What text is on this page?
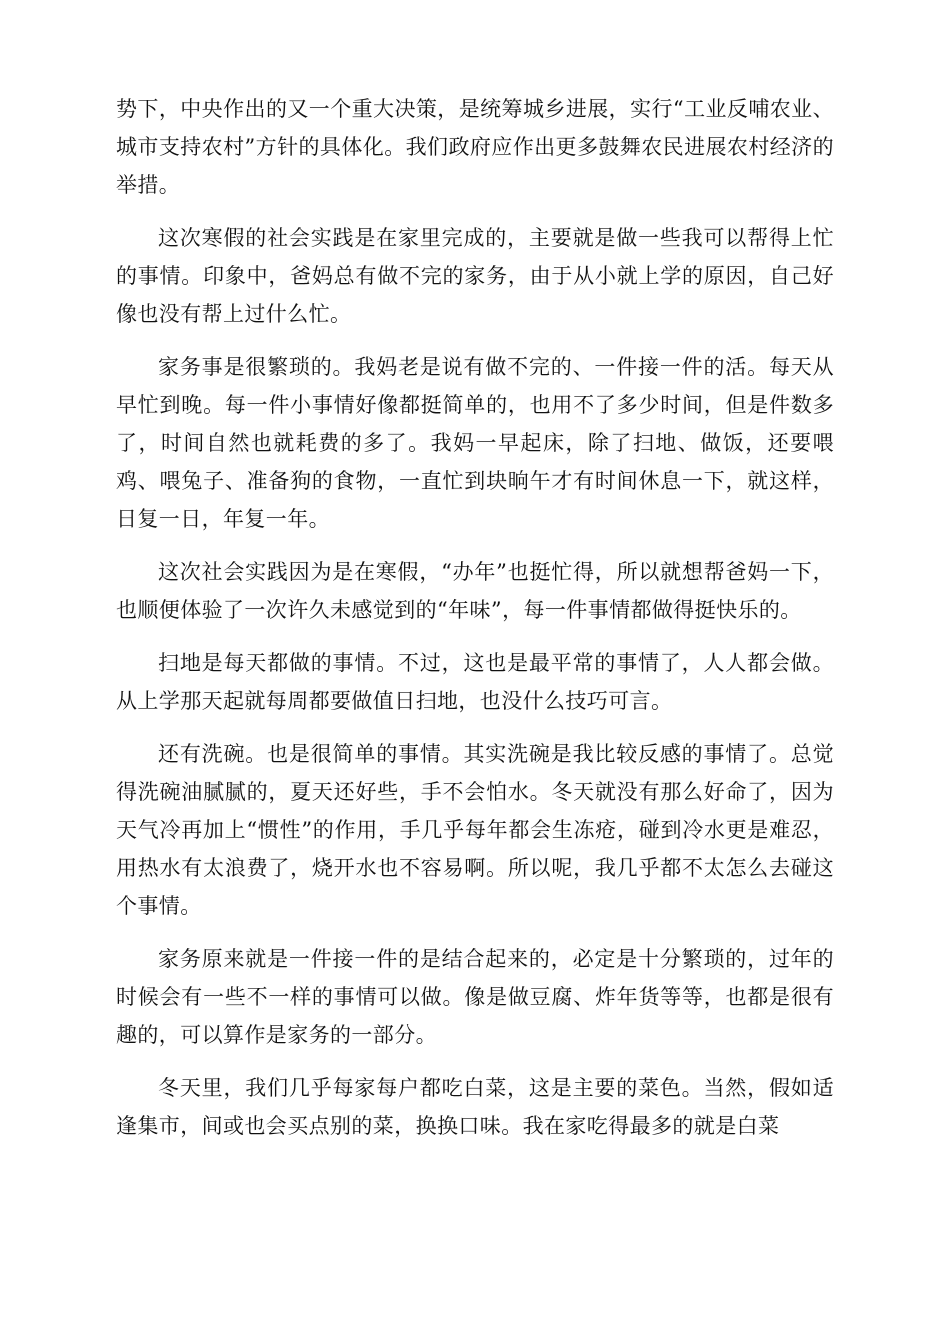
势下，中央作出的又一个重大决策，是统筹城乡进展，实行“工业反哺农业、城市支持农村”方针的具体化。我们政府应作出更多鼓舞农民进展农村经济的举措。

这次寒假的社会实践是在家里完成的，主要就是做一些我可以帮得上忙的事情。印象中，爸妈总有做不完的家务，由于从小就上学的原因，自己好像也没有帮上过什么忙。

家务事是很繁琐的。我妈老是说有做不完的、一件接一件的活。每天从早忙到晚。每一件小事情好像都挺简单的，也用不了多少时间，但是件数多了，时间自然也就耗费的多了。我妈一早起床，除了扫地、做饭，还要喂鸡、喂兔子、准备狗的食物，一直忙到块晌午才有时间休息一下，就这样，日复一日，年复一年。

这次社会实践因为是在寒假，“办年”也挺忙得，所以就想帮爸妈一下，也顺便体验了一次许久未感觉到的“年味”，每一件事情都做得挺快乐的。

扫地是每天都做的事情。不过，这也是最平常的事情了，人人都会做。从上学那天起就每周都要做值日扫地，也没什么技巧可言。

还有洗碗。也是很简单的事情。其实洗碗是我比较反感的事情了。总觉得洗碗油腻腻的，夏天还好些，手不会怕水。冬天就没有那么好命了，因为天气冷再加上“惯性”的作用，手几乎每年都会生冻疮，碰到冷水更是难忍，用热水有太浪费了，烧开水也不容易啊。所以呢，我几乎都不太怎么去碰这个事情。

家务原来就是一件接一件的是结合起来的，必定是十分繁琐的，过年的时候会有一些不一样的事情可以做。像是做豆腐、炸年货等等，也都是很有趣的，可以算作是家务的一部分。

冬天里，我们几乎每家每户都吃白菜，这是主要的菜色。当然，假如适逢集市，间或也会买点别的菜，换换口味。我在家吃得最多的就是白菜
